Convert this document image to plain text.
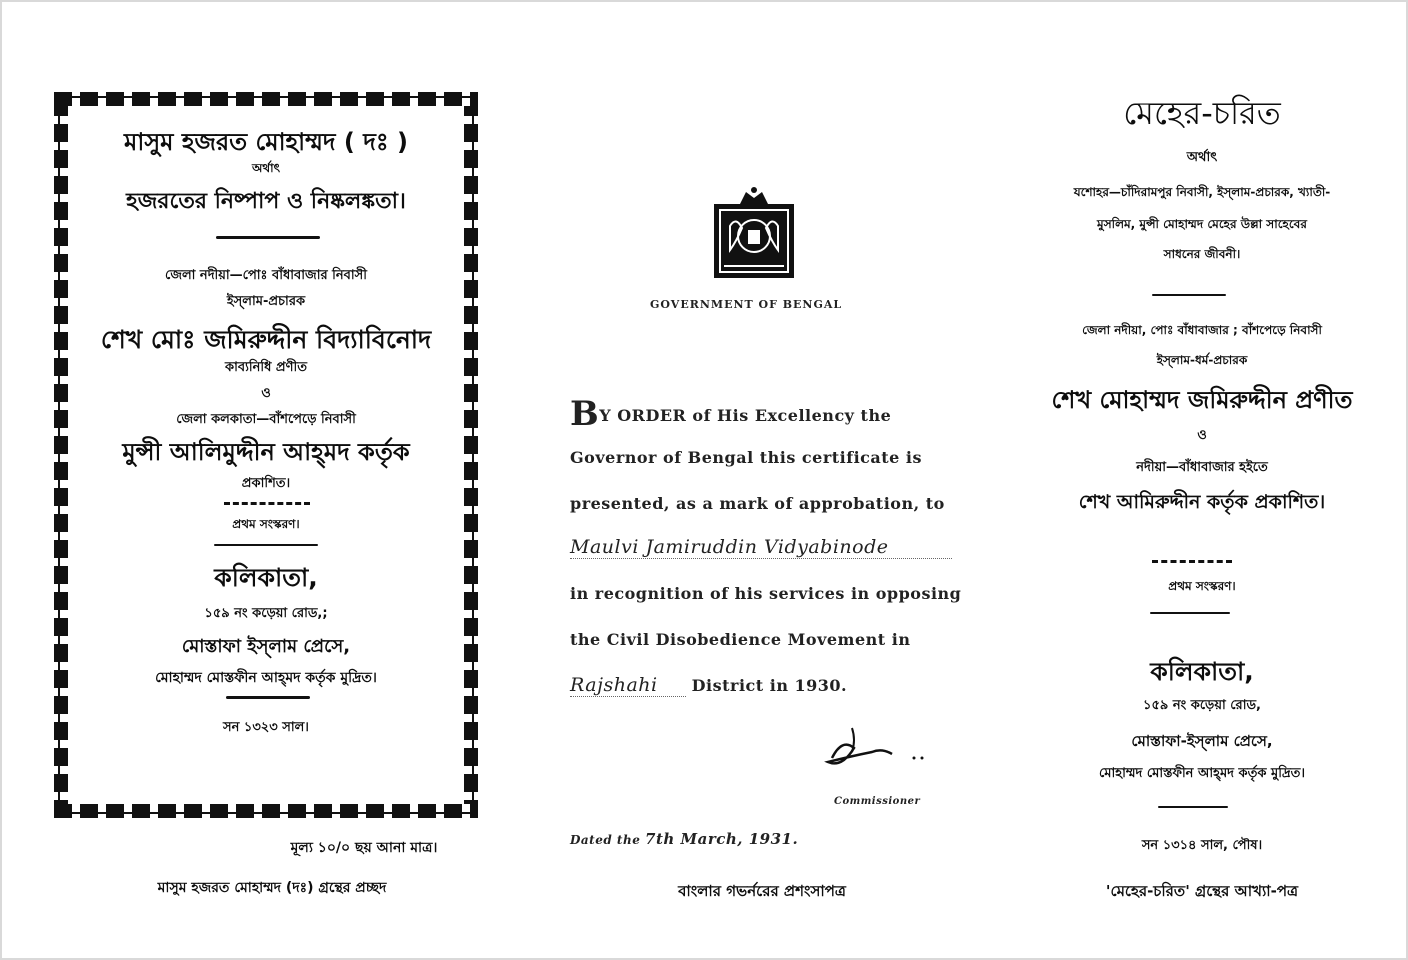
মাসুম হজরত মোহাম্মদ ( দঃ )
অর্থাৎ
হজরতের নিষ্পাপ ও নিষ্কলঙ্কতা।
জেলা নদীয়া—পোঃ বাঁধাবাজার নিবাসী
ইস্‌লাম-প্রচারক
শেখ মোঃ জমিরুদ্দীন বিদ্যাবিনোদ
কাব্যনিধি প্রণীত
ও
জেলা কলকাতা—বাঁশপেড়ে নিবাসী
মুন্সী আলিমুদ্দীন আহ্‌মদ কর্তৃক
প্রকাশিত।
প্রথম সংস্করণ।
কলিকাতা,
১৫৯ নং কড়েয়া রোড,;
মোস্তাফা ইস্‌লাম প্রেসে,
মোহাম্মদ মোস্তফীন আহ্‌মদ কর্তৃক মুদ্রিত।
সন ১৩২৩ সাল।
মূল্য ১০/০ ছয় আনা মাত্র।
মাসুম হজরত মোহাম্মদ (দঃ) গ্রন্থের প্রচ্ছদ
GOVERNMENT OF BENGAL
BY ORDER of His Excellency the
Governor of Bengal this certificate is
presented, as a mark of approbation, to
Maulvi Jamiruddin Vidyabinode
in recognition of his services in opposing
the Civil Disobedience Movement in
Rajshahi District in 1930.
Commissioner
Dated the 7th March, 1931.
বাংলার গভর্নরের প্রশংসাপত্র
মেহের-চরিত
অর্থাৎ
যশোহর—চাঁদিরামপুর নিবাসী, ইস্‌লাম-প্রচারক, খ্যাতী-
মুসলিম, মুন্সী মোহাম্মদ মেহের উল্লা সাহেবের
সাধনের জীবনী।
জেলা নদীয়া, পোঃ বাঁধাবাজার ; বাঁশপেড়ে নিবাসী
ইস্‌লাম-ধর্ম-প্রচারক
শেখ মোহাম্মদ জমিরুদ্দীন প্রণীত
ও
নদীয়া—বাঁধাবাজার হইতে
শেখ আমিরুদ্দীন কর্তৃক প্রকাশিত।
প্রথম সংস্করণ।
কলিকাতা,
১৫৯ নং কড়েয়া রোড,
মোস্তাফা-ইস্‌লাম প্রেসে,
মোহাম্মদ মোস্তফীন আহ্‌মদ কর্তৃক মুদ্রিত।
সন ১৩১৪ সাল, পৌষ।
'মেহের-চরিত' গ্রন্থের আখ্যা-পত্র
